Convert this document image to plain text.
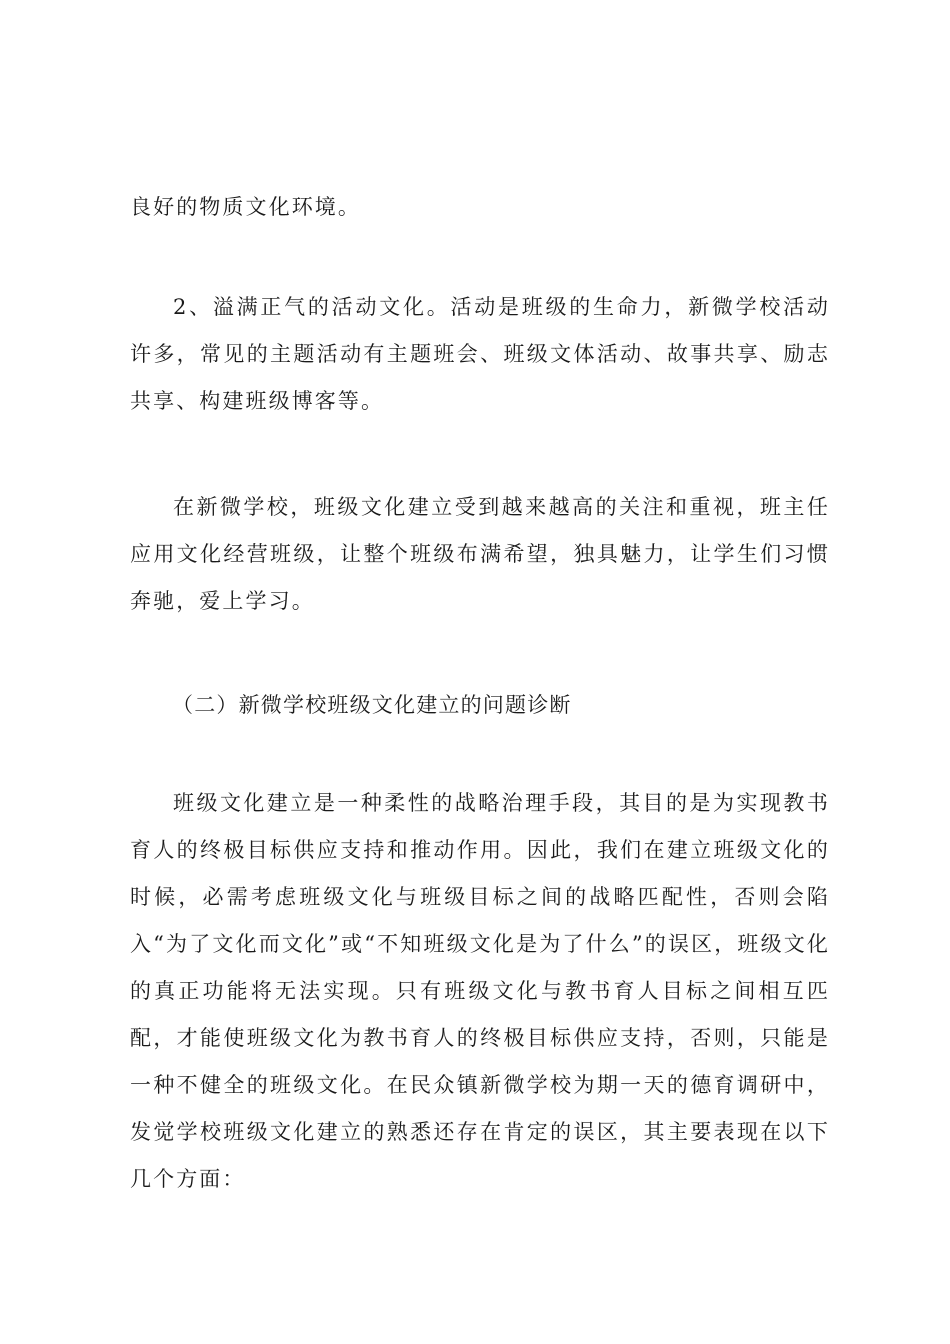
良好的物质文化环境。

2、溢满正气的活动文化。活动是班级的生命力，新微学校活动许多，常见的主题活动有主题班会、班级文体活动、故事共享、励志共享、构建班级博客等。

在新微学校，班级文化建立受到越来越高的关注和重视，班主任应用文化经营班级，让整个班级布满希望，独具魅力，让学生们习惯奔驰，爱上学习。

（二）新微学校班级文化建立的问题诊断

班级文化建立是一种柔性的战略治理手段，其目的是为实现教书育人的终极目标供应支持和推动作用。因此，我们在建立班级文化的时候，必需考虑班级文化与班级目标之间的战略匹配性，否则会陷入“为了文化而文化”或“不知班级文化是为了什么”的误区，班级文化的真正功能将无法实现。只有班级文化与教书育人目标之间相互匹配，才能使班级文化为教书育人的终极目标供应支持，否则，只能是一种不健全的班级文化。在民众镇新微学校为期一天的德育调研中，发觉学校班级文化建立的熟悉还存在肯定的误区，其主要表现在以下几个方面：
